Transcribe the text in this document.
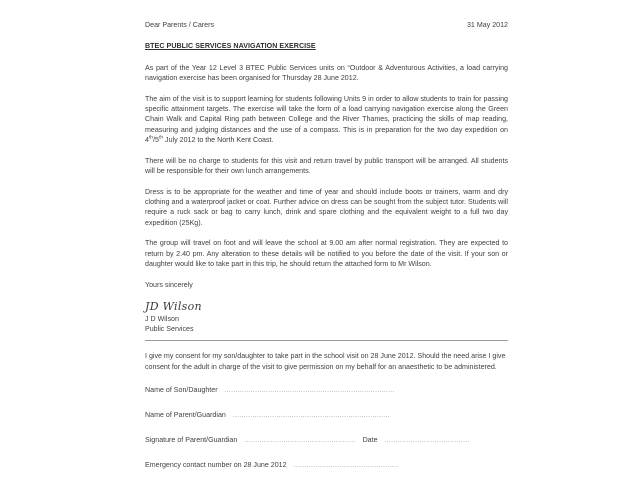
Dear Parents / Carers	31 May 2012
BTEC PUBLIC SERVICES NAVIGATION EXERCISE

As part of the Year 12 Level 3 BTEC Public Services units on “Outdoor & Adventurous Activities, a load carrying navigation exercise has been organised for Thursday 28 June 2012.

The aim of the visit is to support learning for students following Units 9 in order to allow students to train for passing specific attainment targets. The exercise will take the form of a load carrying navigation exercise along the Green Chain Walk and Capital Ring path between College and the River Thames, practicing the skills of map reading, measuring and judging distances and the use of a compass. This is in preparation for the two day expedition on 4th/5th July 2012 to the North Kent Coast.

There will be no charge to students for this visit and return travel by public transport will be arranged. All students will be responsible for their own lunch arrangements.

Dress is to be appropriate for the weather and time of year and should include boots or trainers, warm and dry clothing and a waterproof jacket or coat. Further advice on dress can be sought from the subject tutor. Students will require a ruck sack or bag to carry lunch, drink and spare clothing and the equivalent weight to a full two day expedition (25Kg).

The group will travel on foot and will leave the school at 9.00 am after normal registration. They are expected to return by 2.40 pm. Any alteration to these details will be notified to you before the date of the visit. If your son or daughter would like to take part in this trip, he should return the attached form to Mr Wilson.

Yours sincerely

JD Wilson
J D Wilson
Public Services

I give my consent for my son/daughter to take part in the school visit on 28 June 2012. Should the need arise I give consent for the adult in charge of the visit to give permission on my behalf for an anaesthetic to be administered.

Name of Son/Daughter ..............................................................................
Name of Parent/Guardian ........................................................................
Signature of Parent/Guardian ................................................... Date .......................................
Emergency contact number on 28 June 2012 ................................................
